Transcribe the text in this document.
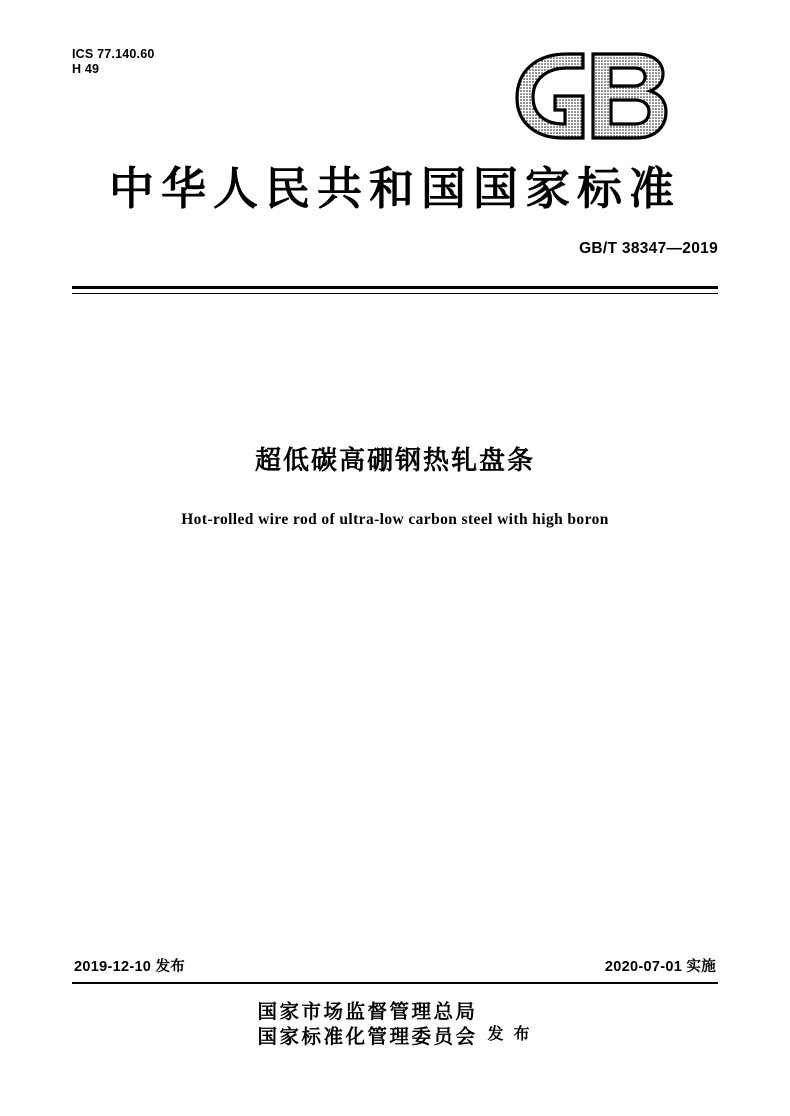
ICS 77.140.60
H 49
中华人民共和国国家标准
GB/T 38347—2019
超低碳高硼钢热轧盘条
Hot-rolled wire rod of ultra-low carbon steel with high boron
2019-12-10 发布	2020-07-01 实施
国家市场监督管理总局
国家标准化管理委员会 发 布
